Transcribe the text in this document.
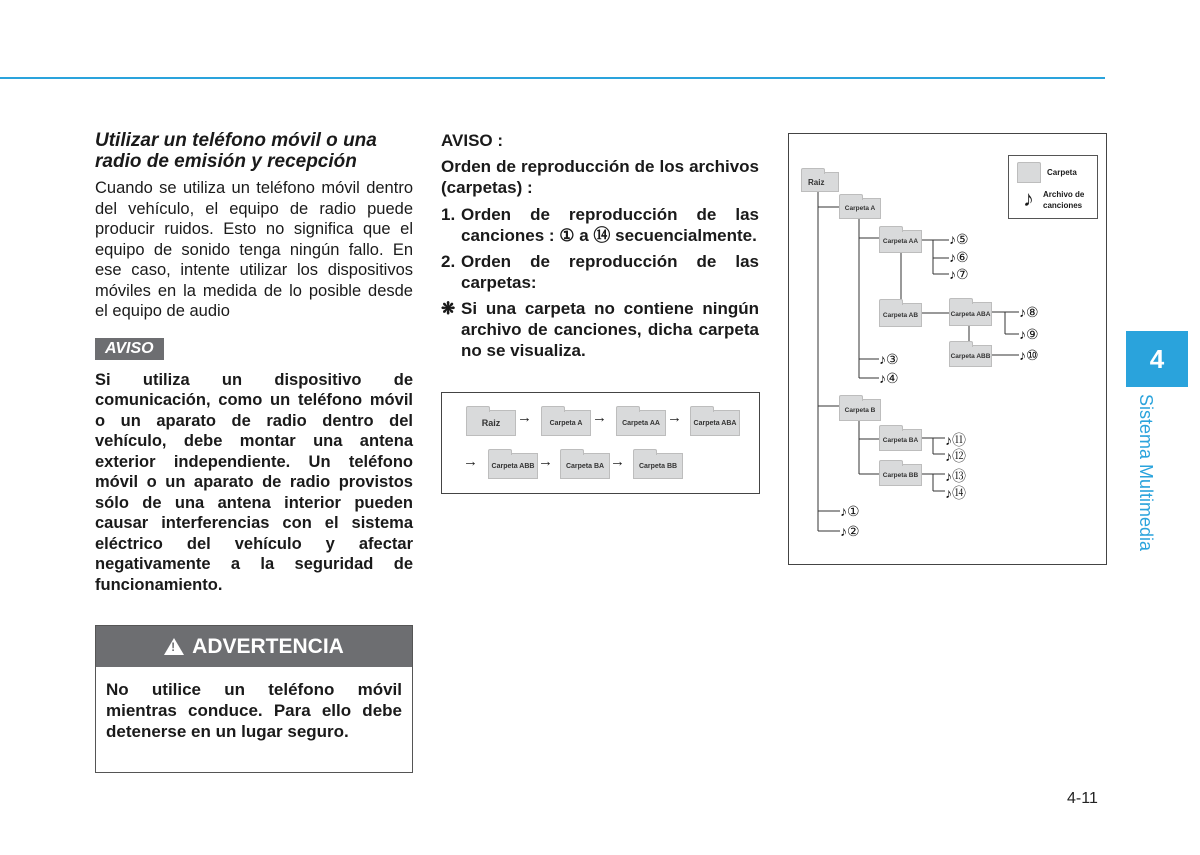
Utilizar un teléfono móvil o una radio de emisión y recepción

Cuando se utiliza un teléfono móvil dentro del vehículo, el equipo de radio puede producir ruidos. Esto no significa que el equipo de sonido tenga ningún fallo. En ese caso, intente utilizar los dispositivos móviles en la medida de lo posible desde el equipo de audio

AVISO

Si utiliza un dispositivo de comunicación, como un teléfono móvil o un aparato de radio dentro del vehículo, debe montar una antena exterior independiente. Un teléfono móvil o un aparato de radio provistos sólo de una antena interior pueden causar interferencias con el sistema eléctrico del vehículo y afectar negativamente a la seguridad de funcionamiento.

! ADVERTENCIA
No utilice un teléfono móvil mientras conduce. Para ello debe detenerse en un lugar seguro.

AVISO :

Orden de reproducción de los archivos (carpetas) :

1. Orden de reproducción de las canciones : ① a ⑭ secuencialmente.
2. Orden de reproducción de las carpetas:
❋ Si una carpeta no contiene ningún archivo de canciones, dicha carpeta no se visualiza.
Raiz	→	Carpeta A →	Carpeta AA →	Carpeta ABA
→	Carpeta ABB →	Carpeta BA →	Carpeta BB
Carpeta
♪ Archivo de
canciones
Raiz
Carpeta A
Carpeta AA
Carpeta AB	Carpeta ABA
Carpeta ABB
Carpeta B
Carpeta BA
Carpeta BB
♪⑤
♪⑥
♪⑦
♪⑧
♪⑨
♪⑩
♪③
♪④
♪⑪
♪⑫
♪⑬
♪⑭
♪①
♪②
4
Sistema Multimedia
4-11
